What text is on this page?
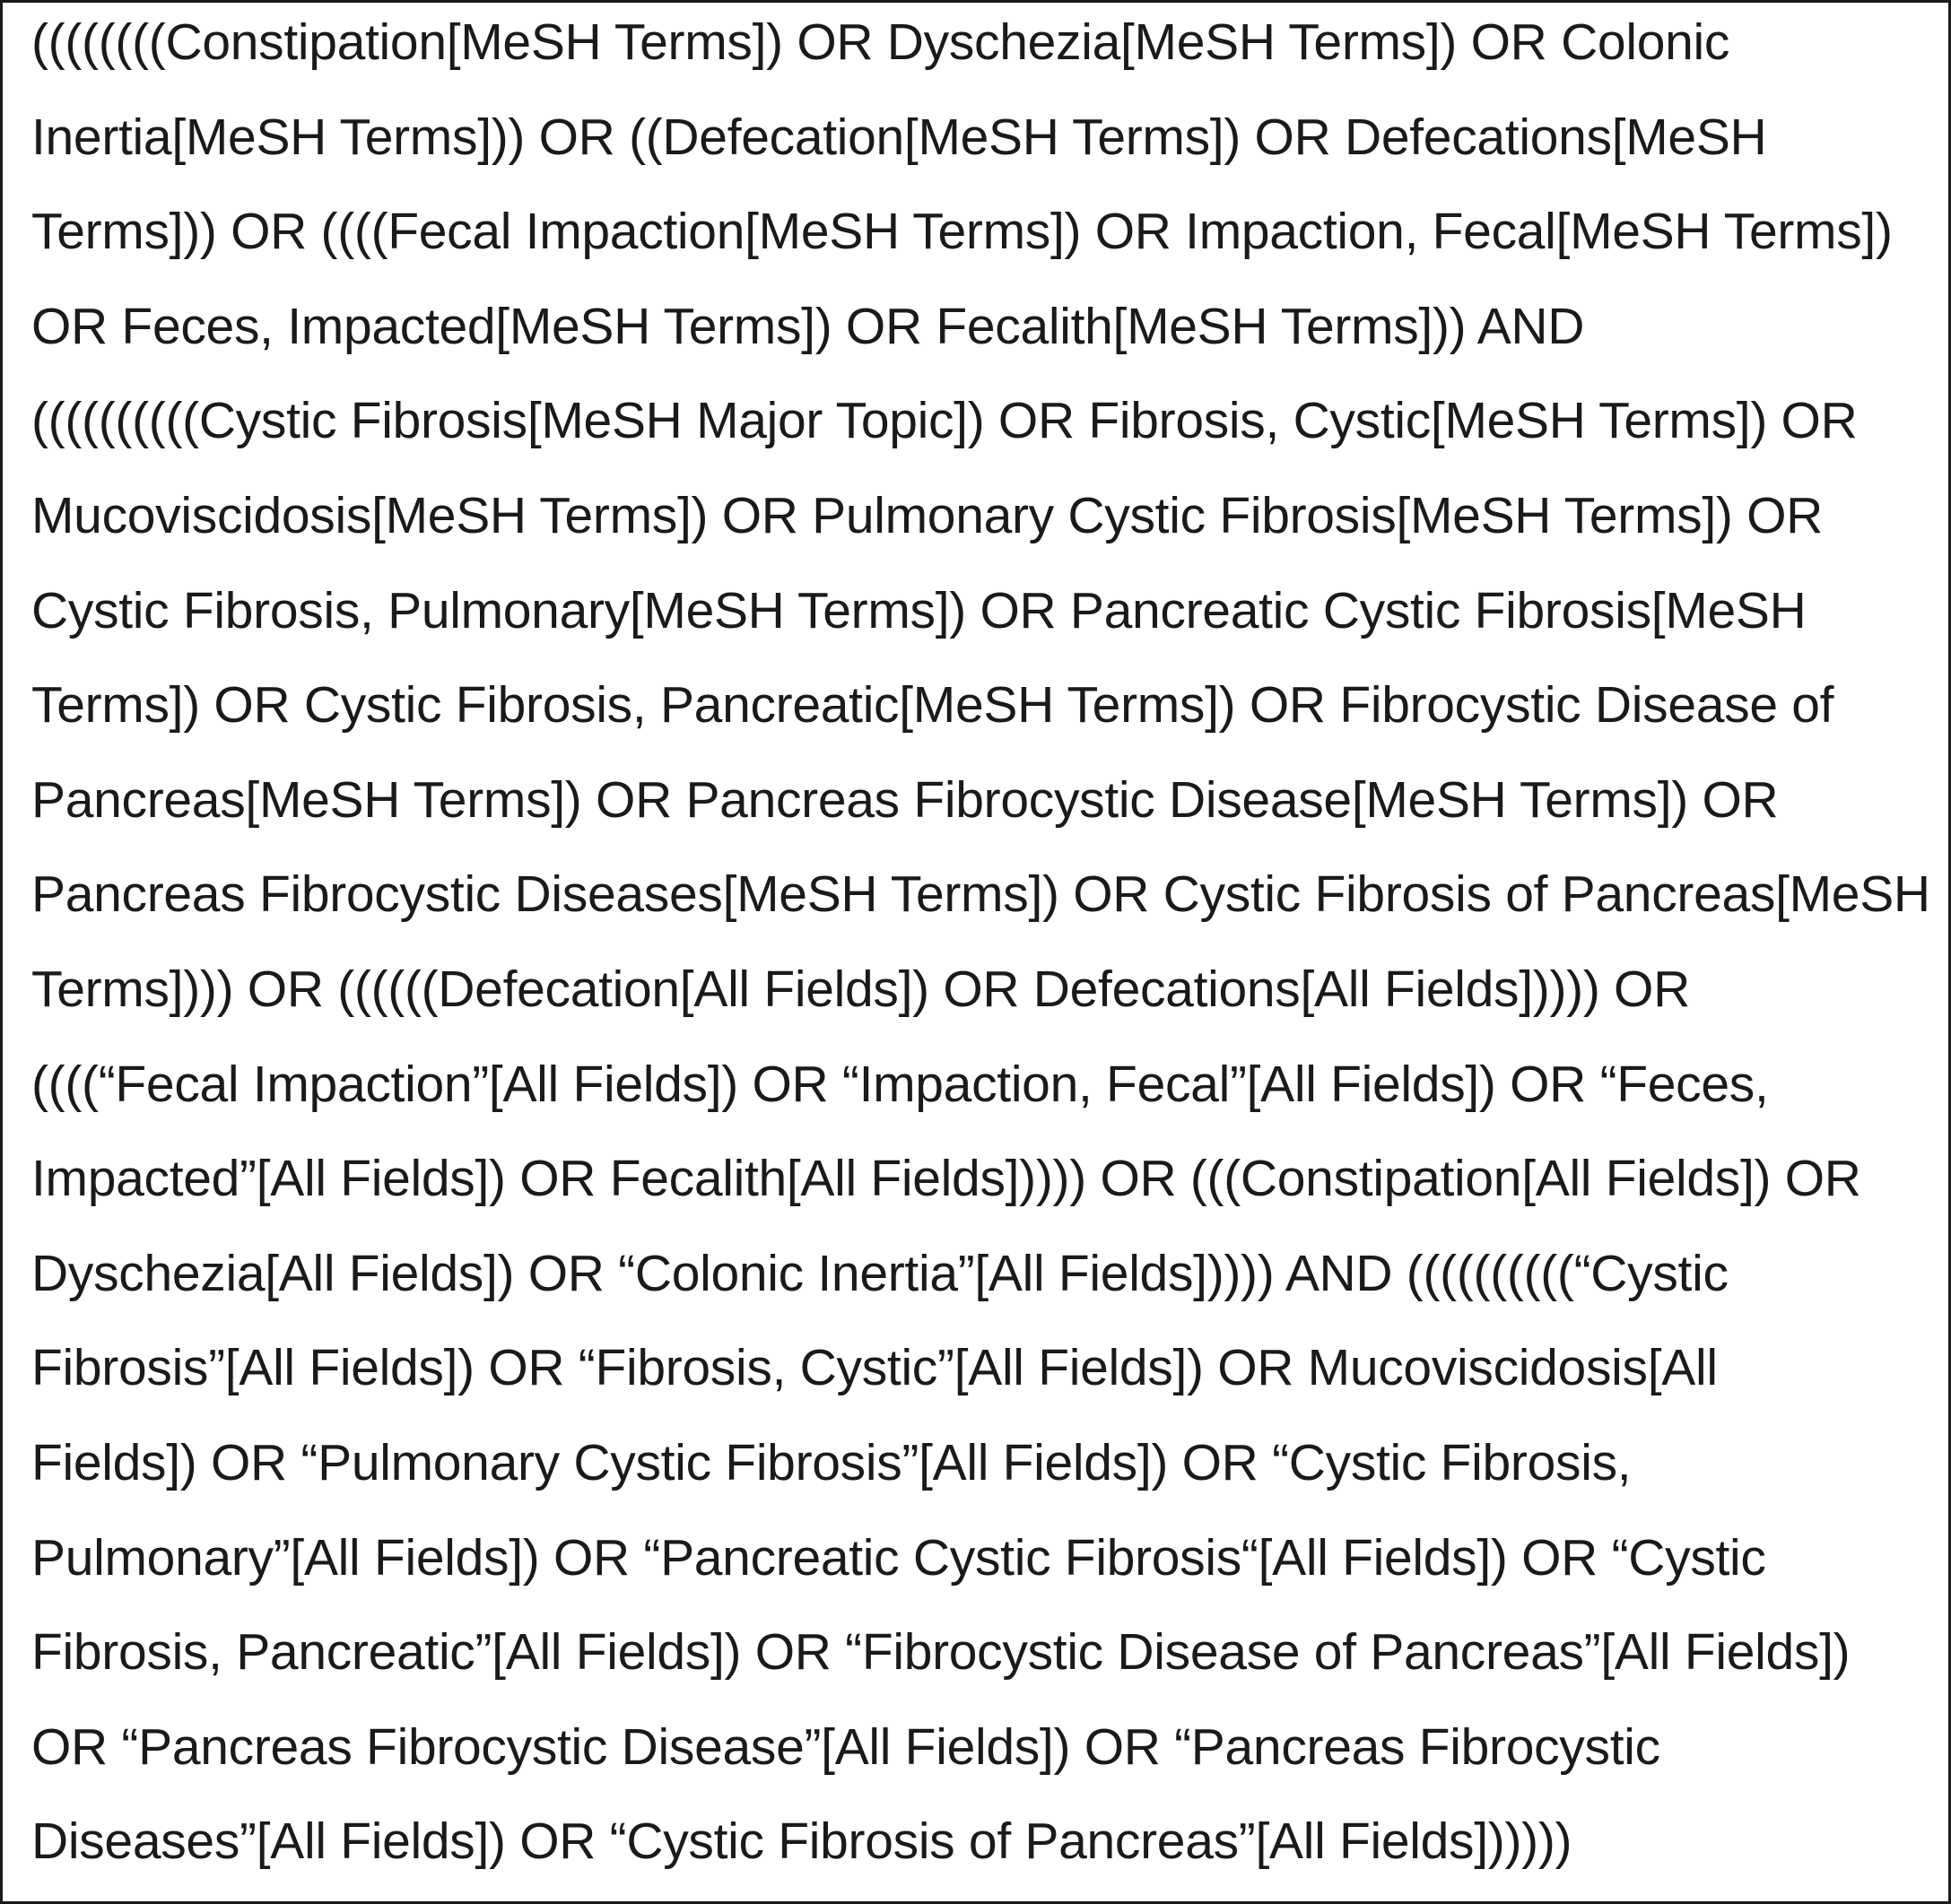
((((((((Constipation[MeSH Terms]) OR Dyschezia[MeSH Terms]) OR Colonic
Inertia[MeSH Terms])) OR ((Defecation[MeSH Terms]) OR Defecations[MeSH
Terms])) OR ((((Fecal Impaction[MeSH Terms]) OR Impaction, Fecal[MeSH Terms])
OR Feces, Impacted[MeSH Terms]) OR Fecalith[MeSH Terms])) AND
((((((((((Cystic Fibrosis[MeSH Major Topic]) OR Fibrosis, Cystic[MeSH Terms]) OR
Mucoviscidosis[MeSH Terms]) OR Pulmonary Cystic Fibrosis[MeSH Terms]) OR
Cystic Fibrosis, Pulmonary[MeSH Terms]) OR Pancreatic Cystic Fibrosis[MeSH
Terms]) OR Cystic Fibrosis, Pancreatic[MeSH Terms]) OR Fibrocystic Disease of
Pancreas[MeSH Terms]) OR Pancreas Fibrocystic Disease[MeSH Terms]) OR
Pancreas Fibrocystic Diseases[MeSH Terms]) OR Cystic Fibrosis of Pancreas[MeSH
Terms]))) OR ((((((Defecation[All Fields]) OR Defecations[All Fields])))) OR
((((“Fecal Impaction”[All Fields]) OR “Impaction, Fecal”[All Fields]) OR “Feces,
Impacted”[All Fields]) OR Fecalith[All Fields])))) OR (((Constipation[All Fields]) OR
Dyschezia[All Fields]) OR “Colonic Inertia”[All Fields])))) AND ((((((((((“Cystic
Fibrosis”[All Fields]) OR “Fibrosis, Cystic”[All Fields]) OR Mucoviscidosis[All
Fields]) OR “Pulmonary Cystic Fibrosis”[All Fields]) OR “Cystic Fibrosis,
Pulmonary”[All Fields]) OR “Pancreatic Cystic Fibrosis“[All Fields]) OR “Cystic
Fibrosis, Pancreatic”[All Fields]) OR “Fibrocystic Disease of Pancreas”[All Fields])
OR “Pancreas Fibrocystic Disease”[All Fields]) OR “Pancreas Fibrocystic
Diseases”[All Fields]) OR “Cystic Fibrosis of Pancreas”[All Fields])))))
